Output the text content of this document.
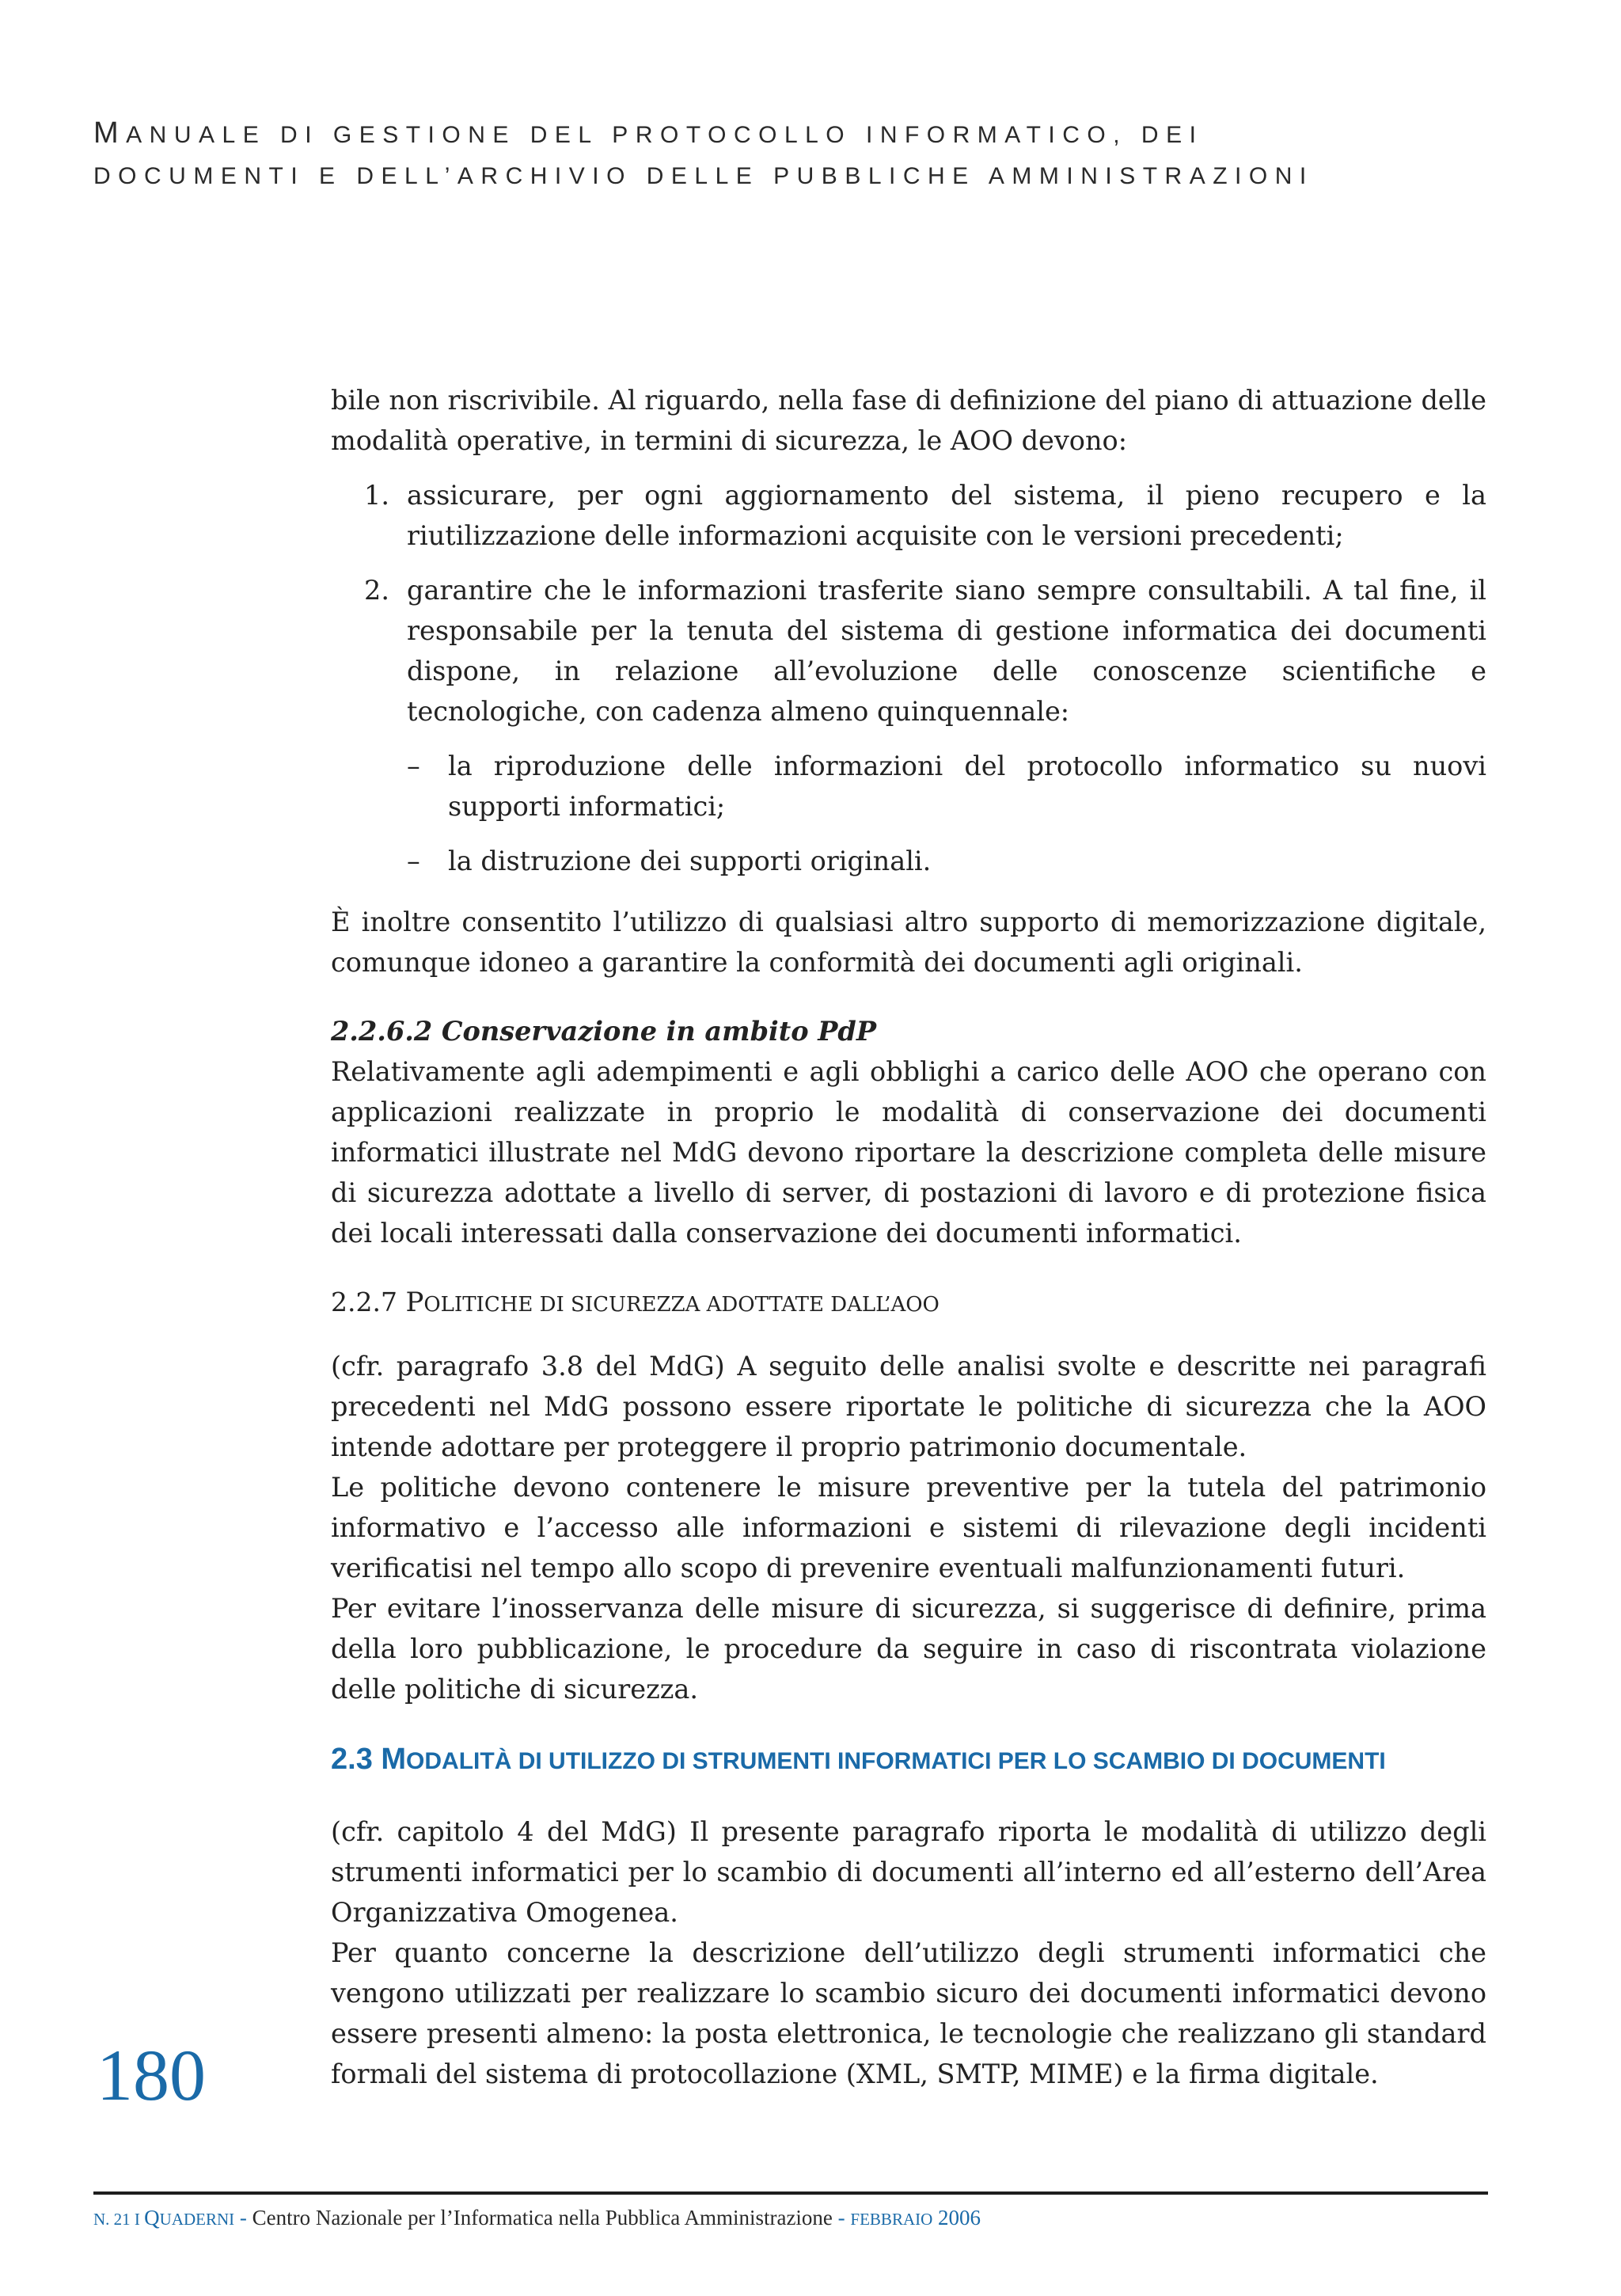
MANUALE DI GESTIONE DEL PROTOCOLLO INFORMATICO, DEI
DOCUMENTI E DELL’ARCHIVIO DELLE PUBBLICHE AMMINISTRAZIONI

bile non riscrivibile. Al riguardo, nella fase di definizione del piano di attuazione delle modalità operative, in termini di sicurezza, le AOO devono:

1. assicurare, per ogni aggiornamento del sistema, il pieno recupero e la riutilizzazione delle informazioni acquisite con le versioni precedenti;

2. garantire che le informazioni trasferite siano sempre consultabili. A tal fine, il responsabile per la tenuta del sistema di gestione informatica dei documenti dispone, in relazione all’evoluzione delle conoscenze scientifiche e tecnologiche, con cadenza almeno quinquennale:

– la riproduzione delle informazioni del protocollo informatico su nuovi supporti informatici;

– la distruzione dei supporti originali.

È inoltre consentito l’utilizzo di qualsiasi altro supporto di memorizzazione digitale, comunque idoneo a garantire la conformità dei documenti agli originali.

2.2.6.2 Conservazione in ambito PdP

Relativamente agli adempimenti e agli obblighi a carico delle AOO che operano con applicazioni realizzate in proprio le modalità di conservazione dei documenti informatici illustrate nel MdG devono riportare la descrizione completa delle misure di sicurezza adottate a livello di server, di postazioni di lavoro e di protezione fisica dei locali interessati dalla conservazione dei documenti informatici.

2.2.7 POLITICHE DI SICUREZZA ADOTTATE DALL’AOO

(cfr. paragrafo 3.8 del MdG) A seguito delle analisi svolte e descritte nei paragrafi precedenti nel MdG possono essere riportate le politiche di sicurezza che la AOO intende adottare per proteggere il proprio patrimonio documentale.

Le politiche devono contenere le misure preventive per la tutela del patrimonio informativo e l’accesso alle informazioni e sistemi di rilevazione degli incidenti verificatisi nel tempo allo scopo di prevenire eventuali malfunzionamenti futuri.

Per evitare l’inosservanza delle misure di sicurezza, si suggerisce di definire, prima della loro pubblicazione, le procedure da seguire in caso di riscontrata violazione delle politiche di sicurezza.

2.3 MODALITÀ DI UTILIZZO DI STRUMENTI INFORMATICI PER LO SCAMBIO DI DOCUMENTI

(cfr. capitolo 4 del MdG) Il presente paragrafo riporta le modalità di utilizzo degli strumenti informatici per lo scambio di documenti all’interno ed all’esterno dell’Area Organizzativa Omogenea.

Per quanto concerne la descrizione dell’utilizzo degli strumenti informatici che vengono utilizzati per realizzare lo scambio sicuro dei documenti informatici devono essere presenti almeno: la posta elettronica, le tecnologie che realizzano gli standard formali del sistema di protocollazione (XML, SMTP, MIME) e la firma digitale.

180
N. 21 I QUADERNI - Centro Nazionale per l’Informatica nella Pubblica Amministrazione - FEBBRAIO 2006
